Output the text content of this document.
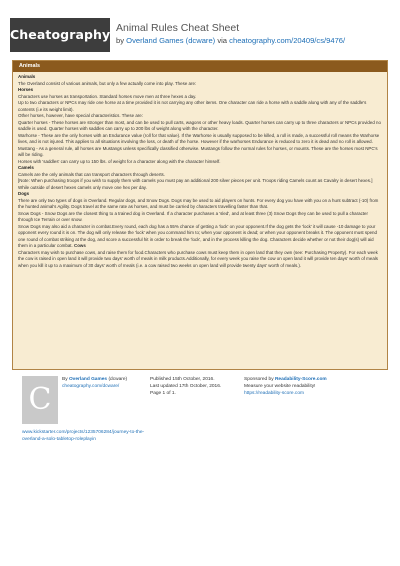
Cheatography Animal Rules Cheat Sheet
by Overland Games (dcware) via cheatography.com/20409/cs/9476/
Animals

Animals

The Overland consist of various animals, but only a few actually come into play. These are:

Horses

Characters use horses as transportation. Standard horses move men at three hexes a day.

Up to two characters or NPCs may ride one horse at a time provided it is not carrying any other items. One character can ride a horse with a saddle along with any of the saddle's contents (i.e its weight limit).

Other horses, however, have special characteristics. These are:

Quarter horses - These horses are stronger than most, and can be used to pull carts, wagons or other heavy loads. Quarter horses can carry up to three characters or NPCs provided no saddle is used. Quarter horses with saddles can carry up to 200 lbs of weight along with the character.

Warhorse - These are the only horses with an Endurance value (roll for that value). If the Warhorse is usually supposed to be killed, a roll is made, a successful roll means the Warhorse lives, and is not injured. This applies to all situations involving the loss, or death of the horse. However if the warhorses Endurance is reduced to zero it is dead and no roll is allowed.

Mustang - As a general rule, all horses are Mustangs unless specifically classified otherwise. Mustangs follow the normal rules for horses, or mounts. These are the horses most NPC's will be riding.

Horses with 'saddles' can carry up to 150 lbs. of weight for a character along with the character himself.

Camels

Camels are the only animals that can transport characters through deserts.

[Note: When purchasing troops if you wish to supply them with camels you must pay an additional 200 silver pieces per unit. Troops riding Camels count as Cavalry in desert hexes.]

While outside of desert hexes camels only move one hex per day.

Dogs

There are only two types of dogs in Overland. Regular dogs, and Snow Dogs. Dogs may be used to aid players on hunts. For every dog you have with you on a hunt subtract (-10) from the hunted animal's Agility. Dogs travel at the same rate as horses, and must be carried by characters travelling faster than that.

Snow Dogs - Snow Dogs are the closest thing to a trained dog in Overland. If a character purchases a 'sled', and at least three (3) Snow Dogs they can be used to pull a character through Ice Terrain or over snow.

Snow Dogs may also aid a character in combat.Every round, each dog has a 55% chance of getting a 'lock' on your opponent.If the dog gets the 'lock' it will cause -10 damage to your opponent every round it is on. The dog will only release the 'lock' when you command him to; when your opponent is dead; or when your opponent breaks it. The opponent must spend one round of combat striking at the dog, and score a successful hit in order to break the 'lock', and in the process killing the dog. Characters decide whether or not their dog(s) will aid them in a particular combat. Cows

Characters may wish to purchase cows, and raise them for food.Characters who purchase cows must keep them in open land that they own (see: Purchasing Property). For each week the cow is raised in open land it will provide two days' worth of meals in milk products.Additionally, for every week you raise the cow on open land it will provide ten days' worth of meals when you kill it up to a maximum of 30 days' worth of meals (i.e. a cow raised two weeks on open land will provide twenty days' worth of meals.).

C
By Overland Games (dcware)
cheatography.com/dcware/
Published 15th October, 2016.
Last updated 17th October, 2016.
Page 1 of 1.
Sponsored by Readability-Score.com
Measure your website readability!
https://readability-score.com
www.kickstarter.com/projects/1235706284/journey-to-the-overland-a-solo-tabletop-roleplayin
